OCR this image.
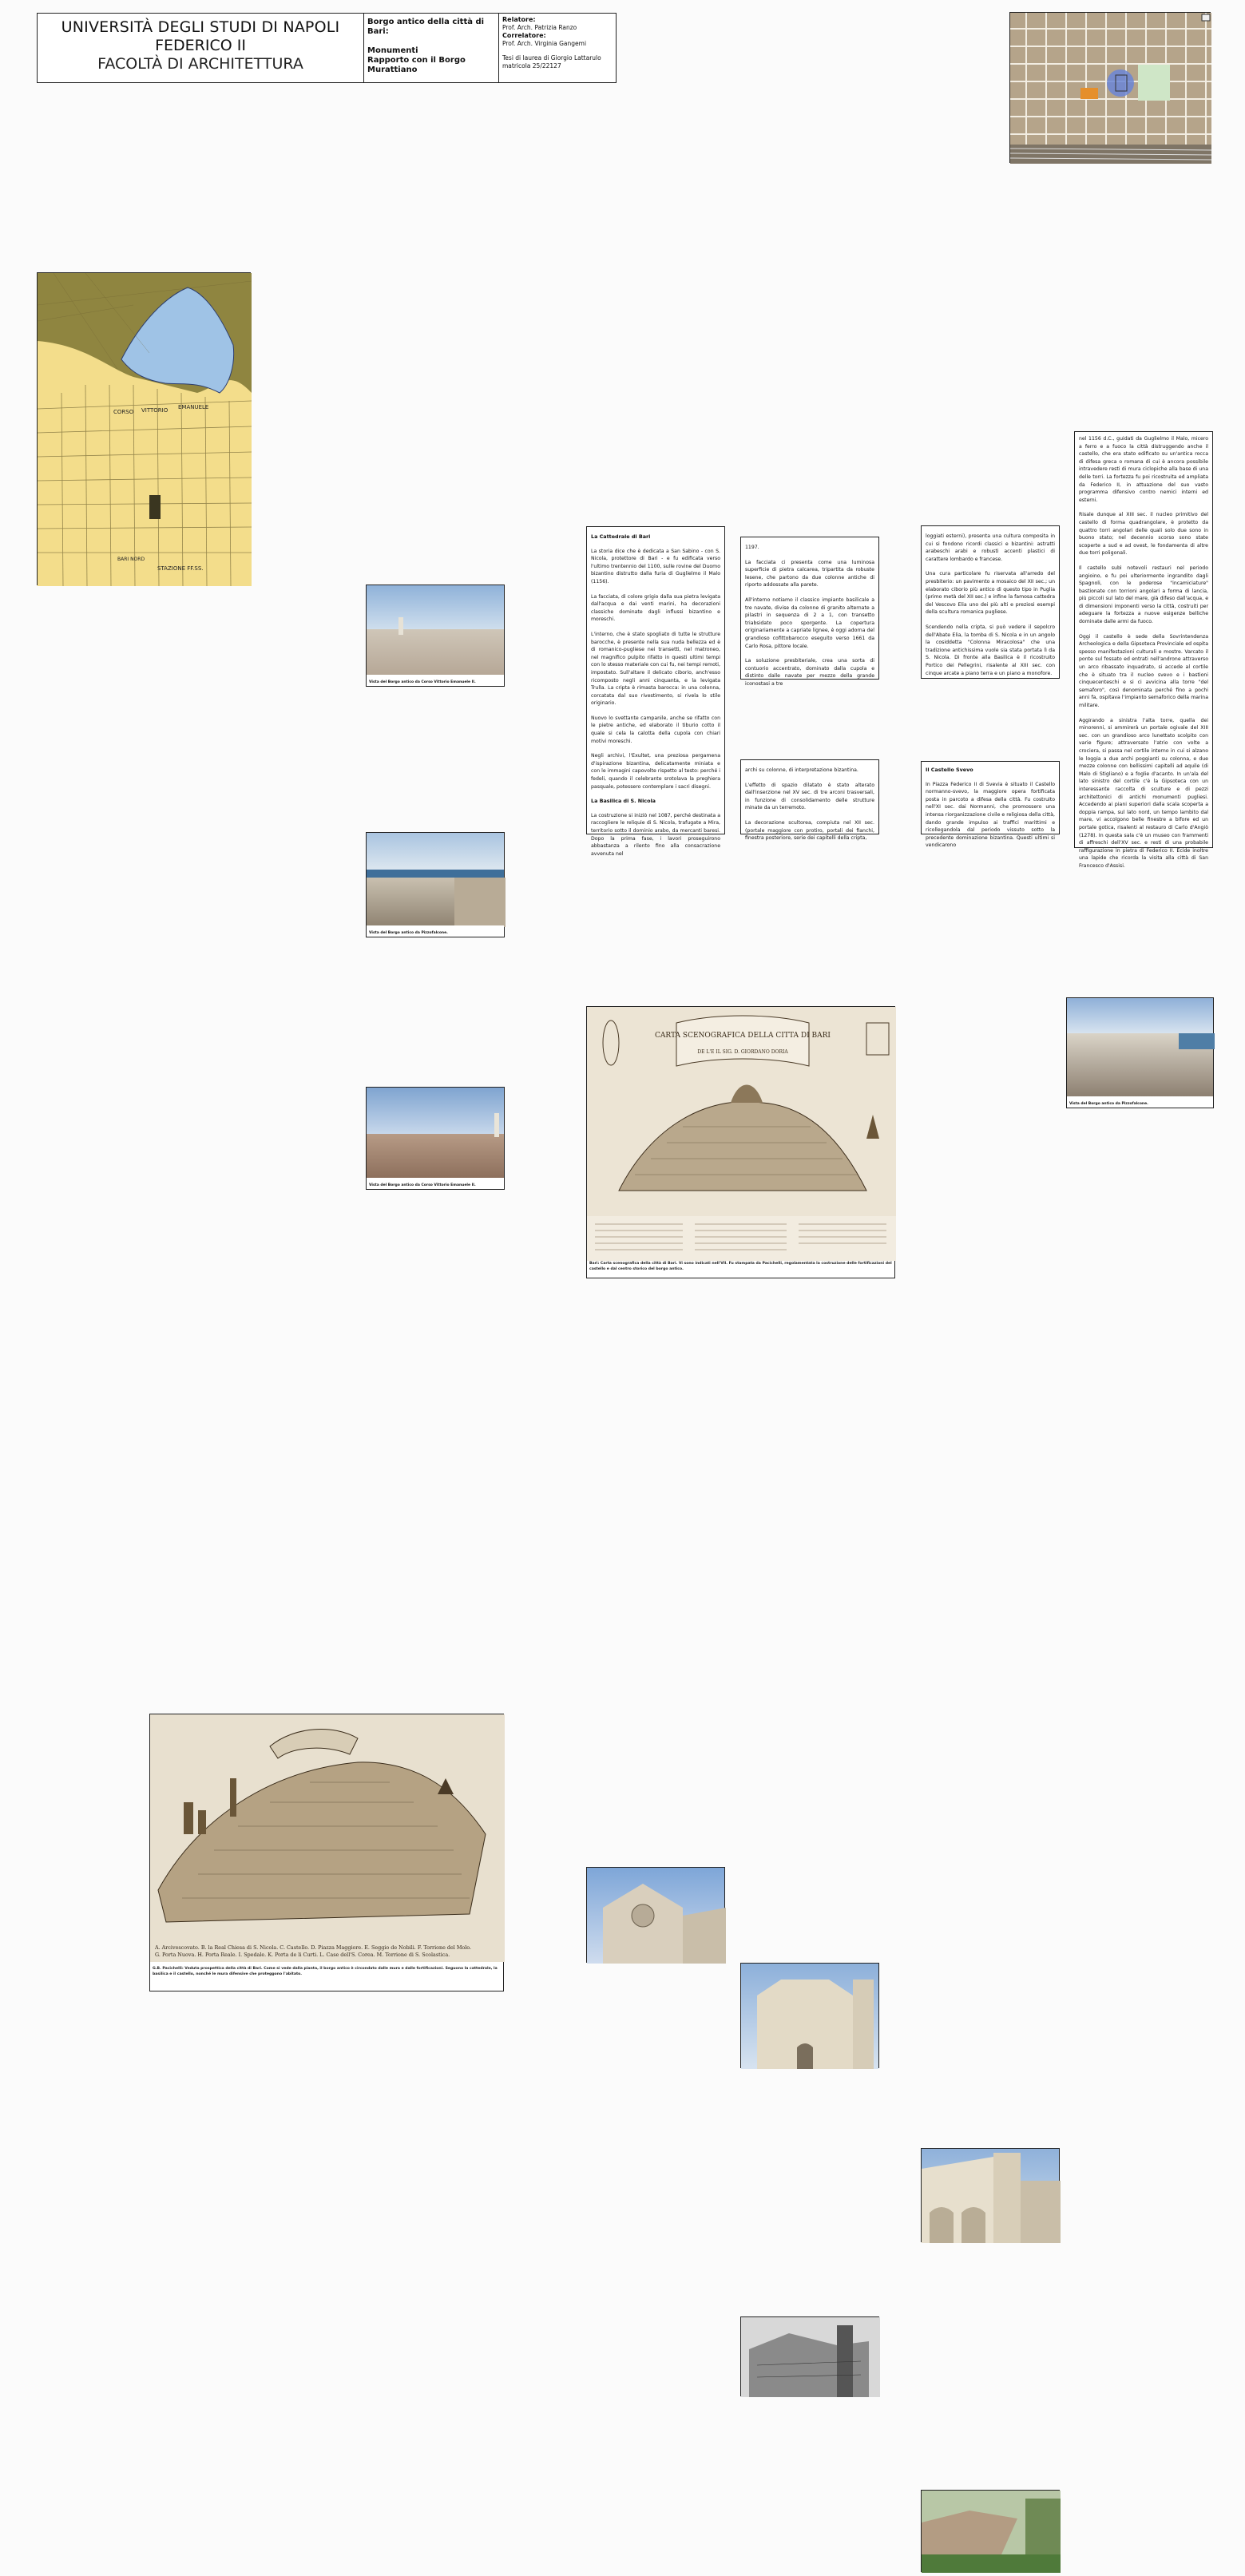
UNIVERSITÀ DEGLI STUDI DI NAPOLI
FEDERICO II
FACOLTÀ DI ARCHITETTURA
Borgo antico della città di Bari:
Monumenti
Rapporto con il Borgo
Murattiano
Relatore:
Prof. Arch. Patrizia Ranzo
Correlatore:
Prof. Arch. Virginia Gangemi
Tesi di laurea di Giorgio Lattarulo
matricola 25/22127
VITTORIO EMANUELE
CORSO
BARI NORD
STAZIONE FF.SS.
Vista del Borgo antico da Corso Vittorio Emanuele II.
Vista del Borgo antico da Pizzofalcone.
Vista del Borgo antico da Corso Vittorio Emanuele II.
Vista del Borgo antico da Pizzofalcone.
CARTA SCENOGRAFICA DELLA CITTA DI BARI
DE L'E IL SIG. D. GIORDANO DORIA
Bari: Carta scenografica della città di Bari. Vi sono indicati nell'VII. Fu stampata da Pacichelli, regolamentata la costruzione delle fortificazioni del castello e dal centro storico del borgo antico.
A. Arcivescovato. B. la Real Chiesa di S. Nicola. C. Castello. D. Piazza Maggiore. E. Seggio de Nobili. F. Torrione del Molo.
G. Porta Nuova. H. Porta Reale. I. Spedale. K. Porta de li Curti. L. Case dell'S. Corea. M. Torrione di S. Scolastica.
G.B. Pacichelli: Veduta prospettica della città di Bari. Come si vede dalla pianta, il borgo antico è circondato dalle mura e dalle fortificazioni. Seguono la cattedrale, la basilica e il castello, nonché le mura difensive che proteggono l'abitato.

La Cattedrale di Bari

La storia dice che è dedicata a San Sabino - con S. Nicola, protettore di Bari - e fu edificata verso l'ultimo trentennio del 1100, sulle rovine del Duomo bizantino distrutto dalla furia di Guglielmo il Malo (1156).

La facciata, di colore grigio dalla sua pietra levigata dall'acqua e dai venti marini, ha decorazioni classiche dominate dagli influssi bizantino e moreschi.

L'interno, che è stato spogliato di tutte le strutture barocche, è presente nella sua nuda bellezza ed è di romanico-pugliese nei transetti, nel matroneo, nel magnifico pulpito rifatto in questi ultimi tempi con lo stesso materiale con cui fu, nei tempi remoti, impostato. Sull'altare il delicato ciborio, anch'esso ricomposto negli anni cinquanta, e la levigata Trulla. La cripta è rimasta barocca: in una colonna, corcatata dal suo rivestimento, si rivela lo stile originario.

Nuovo lo svettante campanile, anche se rifatto con le pietre antiche, ed elaborato il tiburio cotto il quale si cela la calotta della cupola con chiari motivi moreschi.

Negli archivi, l'Exultet, una preziosa pergamena d'ispirazione bizantina, delicatamente miniata e con le immagini capovolte rispetto al testo: perché i fedeli, quando il celebrante srotolava la preghiera pasquale, potessero contemplare i sacri disegni.

La Basilica di S. Nicola

La costruzione si iniziò nel 1087, perché destinata a raccogliere le reliquie di S. Nicola, trafugate a Mira, territorio sotto il dominio arabo, da mercanti baresi. Dopo la prima fase, i lavori proseguirono abbastanza a rilento fino alla consacrazione avvenuta nel

1197.

La facciata ci presenta come una luminosa superficie di pietra calcarea, tripartita da robuste lesene, che partono da due colonne antiche di riporto addossate alla parete.

All'interno notiamo il classico impianto basilicale a tre navate, divise da colonne di granito alternate a pilastri in sequenza di 2 a 1, con transetto triabsidato poco sporgente. La copertura originariamente a capriate lignee, è oggi adorna del grandioso cofittobarocco eseguito verso 1661 da Carlo Rosa, pittore locale.

La soluzione presbiteriale, crea una sorta di contuorio accentrato, dominato dalla cupola e distinto dalle navate per mezzo della grande iconostasi a tre

archi su colonne, di interpretazione bizantina.

L'effetto di spazio dilatato è stato alterato dall'inserzione nel XV sec. di tre arconi trasversali, in funzione di consolidamento delle strutture minate da un terremoto.

La decorazione scultorea, compiuta nel XII sec. (portale maggiore con protiro, portali dei fianchi, finestra posteriore, serie dei capitelli della cripta,

loggiati esterni), presenta una cultura composita in cui si fondono ricordi classici e bizantini: astratti arabeschi arabi e robusti accenti plastici di carattere lombardo e francese.

Una cura particolare fu riservata all'arredo del presbiterio: un pavimento a mosaico del XII sec.; un elaborato ciborio più antico di questo tipo in Puglia (primo metà del XII sec.) e infine la famosa cattedra del Vescovo Elia uno dei più alti e preziosi esempi della scultura romanica pugliese.

Scendendo nella cripta, si può vedere il sepolcro dell'Abate Elia, la tomba di S. Nicola e in un angolo la cosiddetta "Colonna Miracolosa" che una tradizione antichissima vuole sia stata portata lì da S. Nicola. Di fronte alla Basilica è il ricostruito Portico dei Pellegrini, risalente al XIII sec. con cinque arcate a piano terra e un piano a monofore.

Il Castello Svevo

In Piazza Federico II di Svevia è situato il Castello normanno-svevo, la maggiore opera fortificata posta in parcoto a difesa della città. Fu costruito nell'XI sec. dai Normanni, che promossero una intensa riorganizzazione civile e religiosa della città, dando grande impulso ai traffici marittimi e ricollegandola dal periodo vissuto sotto la precedente dominazione bizantina. Questi ultimi si vendicarono

nel 1156 d.C., guidati da Guglielmo il Malo, micero a ferro e a fuoco la città distruggendo anche il castello, che era stato edificato su un'antica rocca di difesa greca o romana di cui è ancora possibile intravedere resti di mura ciclopiche alla base di una delle torri. La fortezza fu poi ricostruita ed ampliata da Federico II, in attuazione del suo vasto programma difensivo contro nemici interni ed esterni.

Risale dunque al XIII sec. il nucleo primitivo del castello di forma quadrangolare, è protetto da quattro torri angolari delle quali solo due sono in buono stato; nel decennio scorso sono state scoperte a sud e ad ovest, le fondamenta di altre due torri poligonali.

Il castello subì notevoli restauri nel periodo angioino, e fu poi ulteriormente ingrandito dagli Spagnoli, con le poderose "incamiciature" bastionate con torrioni angolari a forma di lancia, più piccoli sul lato del mare, già difeso dall'acqua, e di dimensioni imponenti verso la città, costruiti per adeguare la fortezza a nuove esigenze belliche dominate dalle armi da fuoco.

Oggi il castello è sede della Sovrintendenza Archeologica e della Gipsoteca Provinciale ed ospita spesso manifestazioni culturali e mostre. Varcato il ponte sul fossato ed entrati nell'androne attraverso un arco ribassato inquadrato, si accede al cortile che è situato tra il nucleo svevo e i bastioni cinquecenteschi e si ci avvicina alla torre "del semaforo", così denominata perché fino a pochi anni fa, ospitava l'impianto semaforico della marina militare.

Aggirando a sinistra l'alta torre, quella dei minorenni, si ammirerà un portale ogivale del XIII sec. con un grandioso arco lunettato scolpito con varie figure; attraversato l'atrio con volte a crociera, si passa nel cortile interno in cui si alzano le loggia a due archi poggianti su colonna, e due mezze colonne con bellissimi capitelli ad aquile (di Malo di Stigliano) e a foglie d'acanto. In un'ala del lato sinistro del cortile c'è la Gipsoteca con un interessante raccolta di sculture e di pezzi architettonici di antichi monumenti pugliesi. Accedendo ai piani superiori dalla scala scoperta a doppia rampa, sul lato nord, un tempo lambito dal mare, vi accolgono belle finestre a bifore ed un portale gotica, risalenti al restauro di Carlo d'Angiò (1278). In questa sala c'è un museo con frammenti di affreschi dell'XV sec. e resti di una probabile raffigurazione in pietra di Federico II. Ecide inoltre una lapide che ricorda la visita alla città di San Francesco d'Assisi.
